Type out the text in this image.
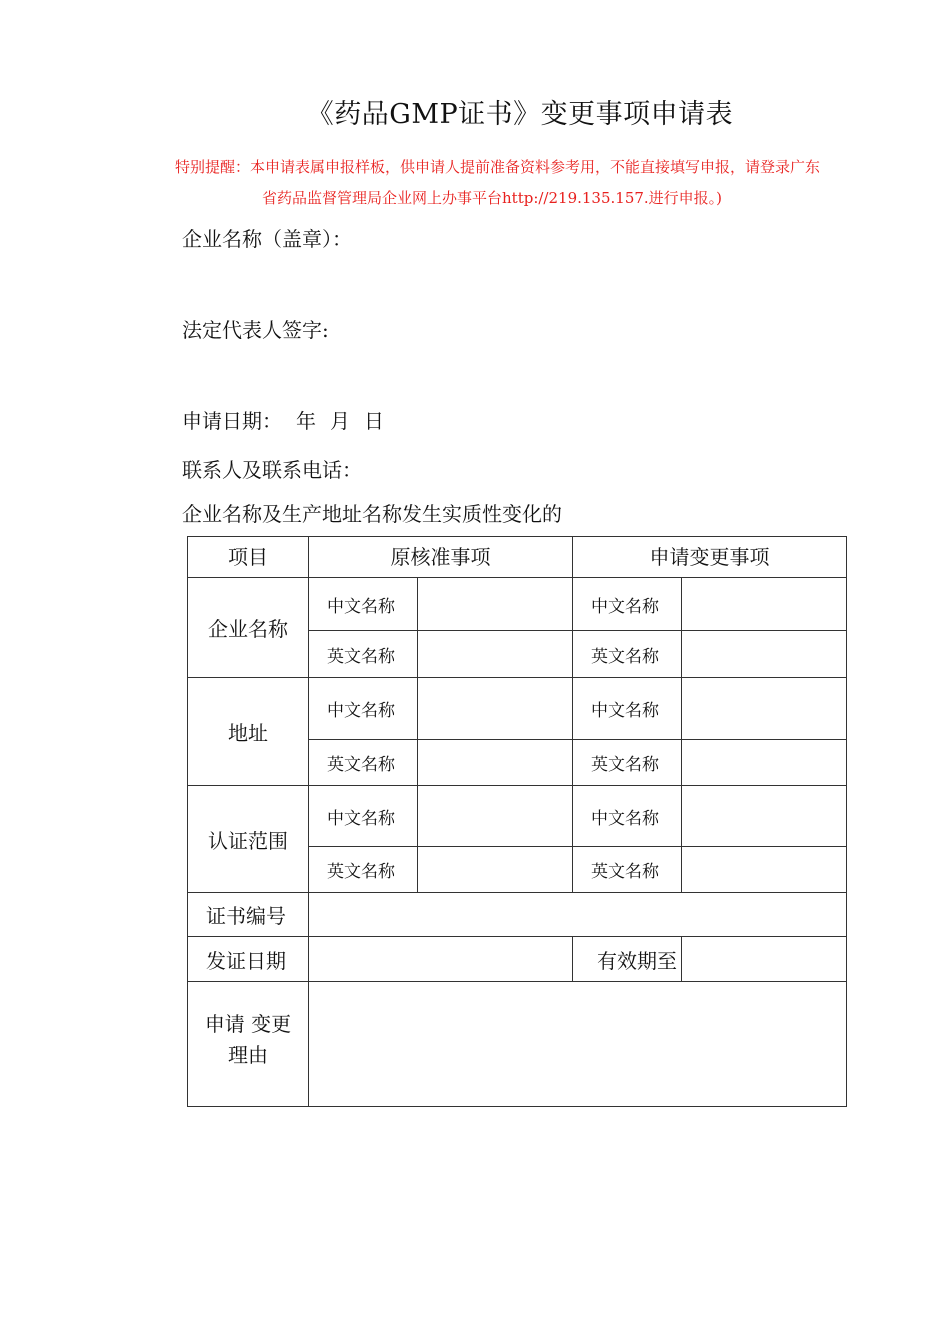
《药品GMP证书》变更事项申请表
特别提醒：本申请表属申报样板，供申请人提前准备资料参考用，不能直接填写申报，请登录广东
省药品监督管理局企业网上办事平台http://219.135.157.进行申报。)
企业名称（盖章）：
法定代表人签字:
申请日期： 年 月 日
联系人及联系电话：
企业名称及生产地址名称发生实质性变化的
项目	原核准事项		申请变更事项	
企业名称	中文名称		中文名称	
	英文名称		英文名称	
地址	中文名称		中文名称	
	英文名称		英文名称	
认证范围	中文名称		中文名称	
	英文名称		英文名称	
证书编号				
发证日期			有效期至	

申请 变更
理由				
